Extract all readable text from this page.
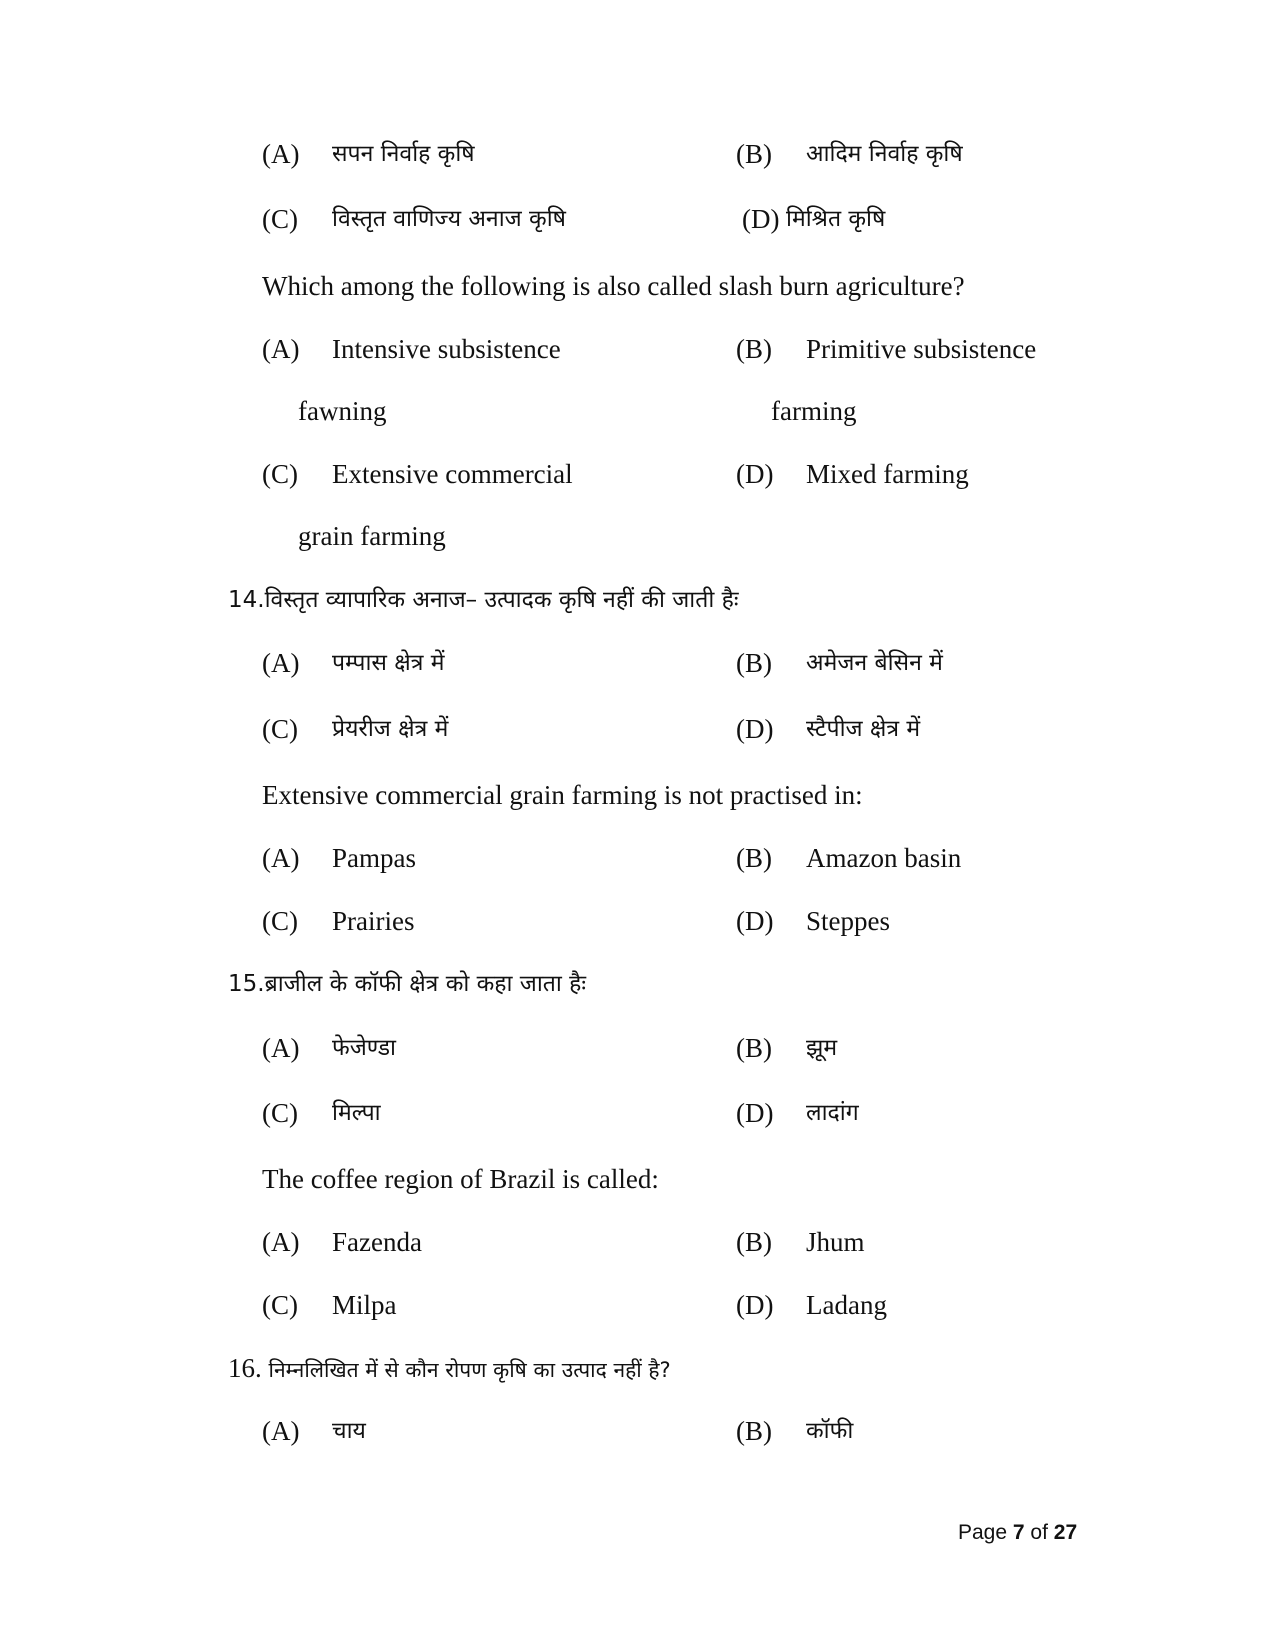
(A) सपन निर्वाह कृषि	(B) आदिम निर्वाह कृषि
(C) विस्तृत वाणिज्य अनाज कृषि	(D) मिश्रित कृषि
Which among the following is also called slash burn agriculture?
(A) Intensive subsistence	(B) Primitive subsistence
fawning	farming
(C) Extensive commercial	(D) Mixed farming
grain farming
14.विस्तृत व्यापारिक अनाज– उत्पादक कृषि नहीं की जाती हैः
(A) पम्पास क्षेत्र में	(B) अमेजन बेसिन में
(C) प्रेयरीज क्षेत्र में	(D) स्टैपीज क्षेत्र में
Extensive commercial grain farming is not practised in:
(A) Pampas	(B) Amazon basin
(C) Prairies	(D) Steppes
15.ब्राजील के कॉफी क्षेत्र को कहा जाता हैः
(A) फेजेण्डा	(B) झूम
(C) मिल्पा	(D) लादांग
The coffee region of Brazil is called:
(A) Fazenda	(B) Jhum
(C) Milpa	(D) Ladang
16. निम्नलिखित में से कौन रोपण कृषि का उत्पाद नहीं है?
(A) चाय	(B) कॉफी
Page 7 of 27
